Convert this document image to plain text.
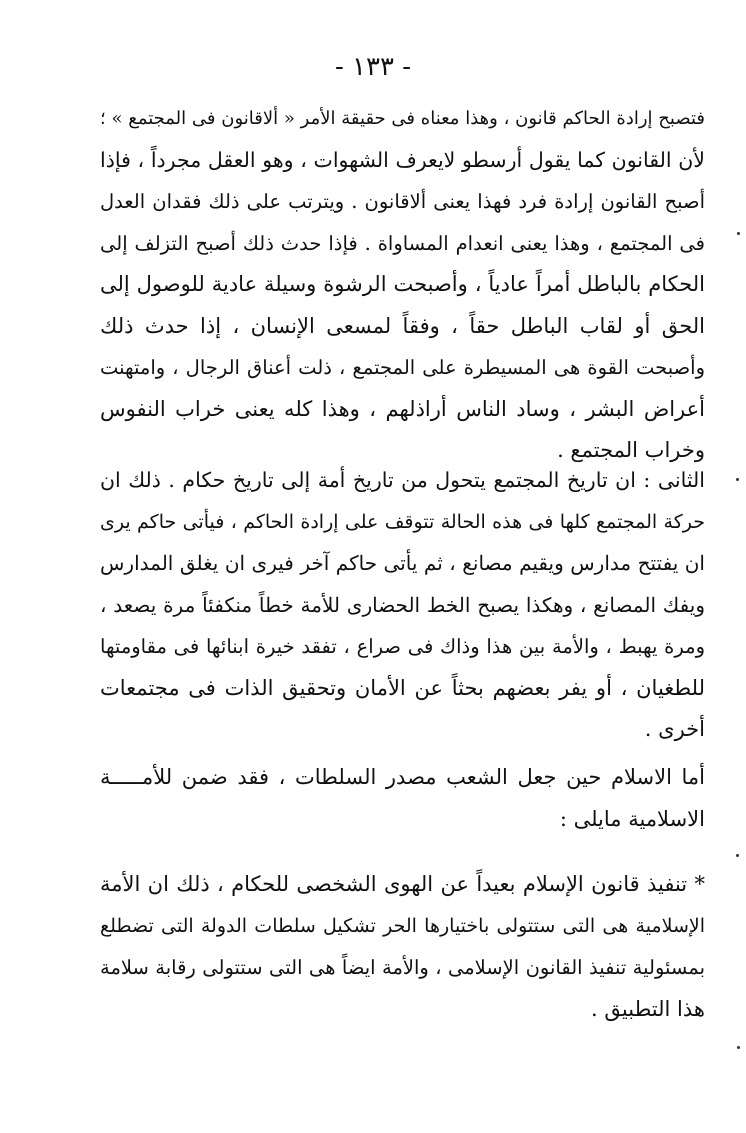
- ١٣٣ -
فتصبح إرادة الحاكم قانون ، وهذا معناه فى حقيقة الأمر « ألاقانون فى المجتمع » ؛
لأن القانون كما يقول أرسطو لايعرف الشهوات ، وهو العقل مجرداً ، فإذا
أصبح القانون إرادة فرد فهذا يعنى ألاقانون . ويترتب على ذلك فقدان العدل
فى المجتمع ، وهذا يعنى انعدام المساواة . فإذا حدث ذلك أصبح التزلف إلى
الحكام بالباطل أمراً عادياً ، وأصبحت الرشوة وسيلة عادية للوصول إلى
الحق أو لقاب الباطل حقاً ، وفقاً لمسعى الإنسان ، إذا حدث ذلك
وأصبحت القوة هى المسيطرة على المجتمع ، ذلت أعناق الرجال ، وامتهنت
أعراض البشر ، وساد الناس أراذلهم ، وهذا كله يعنى خراب النفوس
وخراب المجتمع .
الثانى : ان تاريخ المجتمع يتحول من تاريخ أمة إلى تاريخ حكام . ذلك ان
حركة المجتمع كلها فى هذه الحالة تتوقف على إرادة الحاكم ، فيأتى حاكم يرى
ان يفتتح مدارس ويقيم مصانع ، ثم يأتى حاكم آخر فيرى ان يغلق المدارس
ويفك المصانع ، وهكذا يصبح الخط الحضارى للأمة خطاً منكفئاً مرة يصعد ،
ومرة يهبط ، والأمة بين هذا وذاك فى صراع ، تفقد خيرة ابنائها فى مقاومتها
للطغيان ، أو يفر بعضهم بحثاً عن الأمان وتحقيق الذات فى مجتمعات
أخرى .
أما الاسلام حين جعل الشعب مصدر السلطات ، فقد ضمن للأمـــــة
الاسلامية مايلى :
* تنفيذ قانون الإسلام بعيداً عن الهوى الشخصى للحكام ، ذلك ان الأمة
الإسلامية هى التى ستتولى باختيارها الحر تشكيل سلطات الدولة التى تضطلع
بمسئولية تنفيذ القانون الإسلامى ، والأمة ايضاً هى التى ستتولى رقابة سلامة
هذا التطبيق .
